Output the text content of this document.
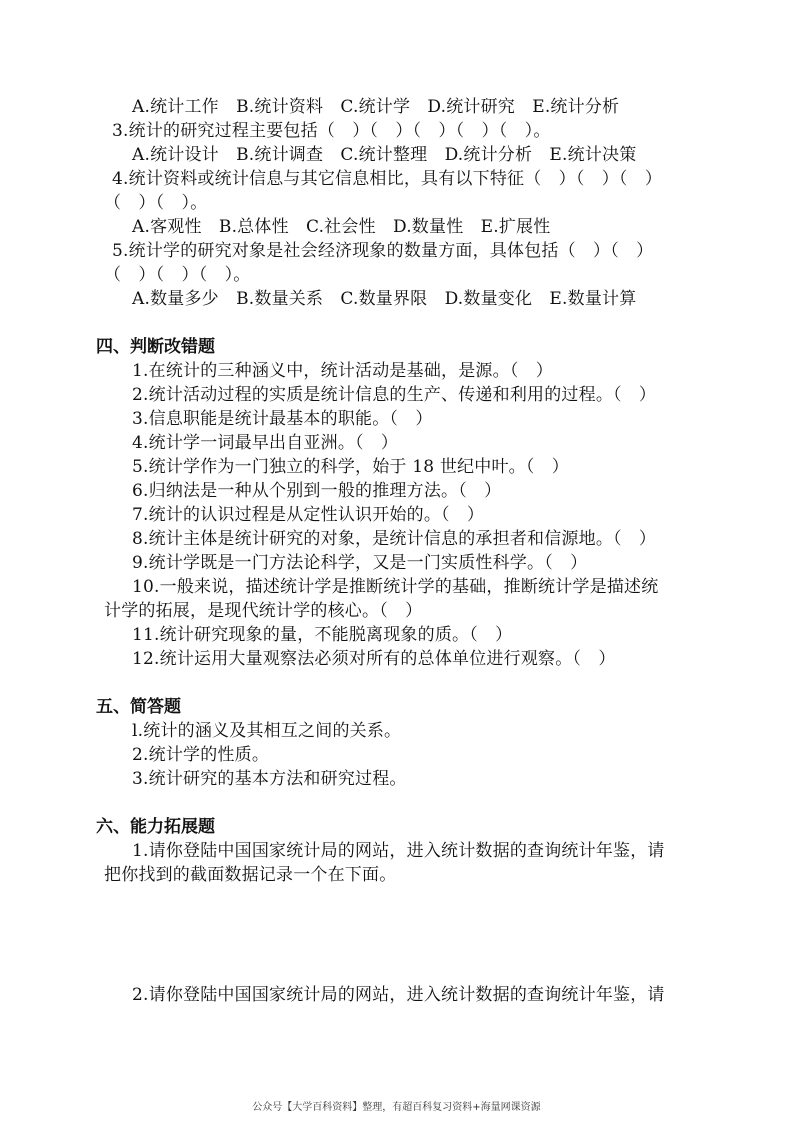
A.统计工作　B.统计资料　C.统计学　D.统计研究　E.统计分析
3.统计的研究过程主要包括（　）（　）（　）（　）（　）。
A.统计设计　B.统计调查　C.统计整理　D.统计分析　E.统计决策
4.统计资料或统计信息与其它信息相比，具有以下特征（　）（　）（　）
（　）（　）。
A.客观性　B.总体性　C.社会性　D.数量性　E.扩展性
5.统计学的研究对象是社会经济现象的数量方面，具体包括（　）（　）
（　）（　）（　）。
A.数量多少　B.数量关系　C.数量界限　D.数量变化　E.数量计算
四、判断改错题
1.在统计的三种涵义中，统计活动是基础，是源。（　）
2.统计活动过程的实质是统计信息的生产、传递和利用的过程。（　）
3.信息职能是统计最基本的职能。（　）
4.统计学一词最早出自亚洲。（　）
5.统计学作为一门独立的科学，始于 18 世纪中叶。（　）
6.归纳法是一种从个别到一般的推理方法。（　）
7.统计的认识过程是从定性认识开始的。（　）
8.统计主体是统计研究的对象，是统计信息的承担者和信源地。（　）
9.统计学既是一门方法论科学，又是一门实质性科学。（　）
10.一般来说，描述统计学是推断统计学的基础，推断统计学是描述统
计学的拓展，是现代统计学的核心。（　）
11.统计研究现象的量，不能脱离现象的质。（　）
12.统计运用大量观察法必须对所有的总体单位进行观察。（　）
五、简答题
l.统计的涵义及其相互之间的关系。
2.统计学的性质。
3.统计研究的基本方法和研究过程。
六、能力拓展题
1.请你登陆中国国家统计局的网站，进入统计数据的查询统计年鉴，请
把你找到的截面数据记录一个在下面。
2.请你登陆中国国家统计局的网站，进入统计数据的查询统计年鉴，请
公众号【大学百科资料】整理，有超百科复习资料+海量网课资源
